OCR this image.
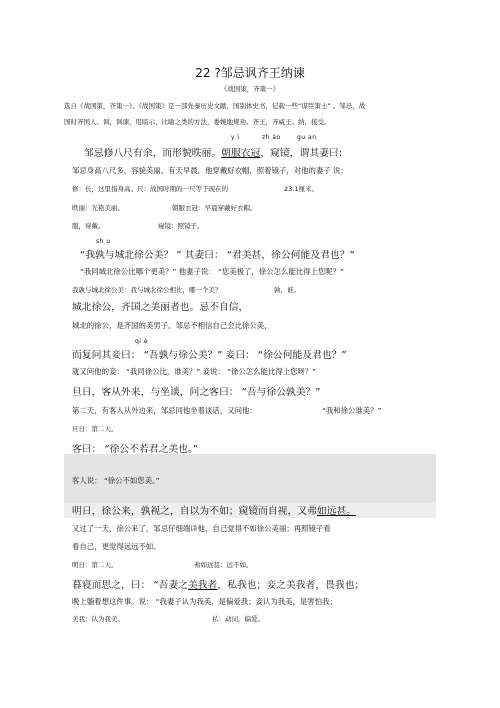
22 ?邹忌讽齐王纳谏
《战国策，齐策一》
选自《战国策，齐策一》。《战国策》是一部先秦历史文献，国别体史书，记载一些“谋臣策士” 。邹忌，战
国时齐国人。讽，讽谏，用暗示、比喻之类的方法，委婉地规劝。齐王，齐威王。纳，接受。
y ì	zh ào	gu an
邹忌修八尺有余，而形貌昳丽。朝服衣冠，窥镜，谓其妻曰:
邹忌身高八尺多，容貌美丽。有天早晨，他穿戴好衣帽，照着镜子，对他的妻子 说：
修：长，这里指身高。尺：战国时期的一尺等于现在的	23.1厘米。
昳丽：光艳美丽。	朝服衣冠：早晨穿戴好衣帽。
服，穿戴。	窥镜：照镜子。
sh u
“我孰与城北徐公美？ ” 其妻曰： “君美甚，徐公何能及君也？”
“我同城北徐公比哪个更美？” 他妻子说： “您美极了，徐公怎么能比得上您呢？”
我孰与城北徐公美：我与城北徐公相比，哪一个美？	孰，谁。
城北徐公，齐国之美丽者也。忌不自信，
城北的徐公，是齐国的美男子。邹忌不相信自己会比徐公美，
qi è
而复问其妾曰： “吾孰与徐公美？” 妾曰： “徐公何能及君也？”
就又问他的妾： “我同徐公比，谁美？” 妾说： “徐公怎么能比得上您呀？”
旦日，客从外来，与坐谈，问之客曰： “吾与徐公孰美？”
第二天，有客人从外边来，邹忌同他坐着谈话，又问他：	“我和徐公谁美？”
旦日：第二天。
客曰： “徐公不若君之美也。”
客人说： “徐公不如您美。”
明日，徐公来，孰视之，自以为不如；窥镜而自视，又弗如远甚。
又过了一天，徐公来了，邹忌仔细端详他，自己觉得不如徐公美丽；再照镜子看
看自己，更觉得远远不如。
明日：第二天。	弗如远甚：远不如。
暮寝而思之，曰： “吾妻之美我者，私我也；妾之美我者，畏我也；
晚上躺着想这件事。说： “我妻子认为我美，是偏爱我；妾认为我美，是害怕我；
美我：认为我美。	私：动词，偏爱。
